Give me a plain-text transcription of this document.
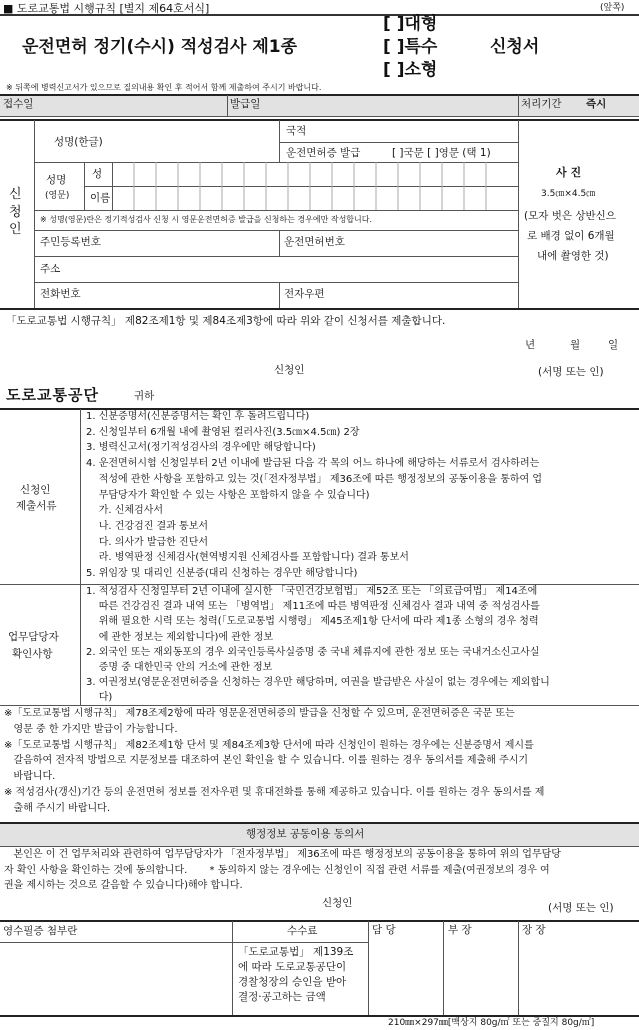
■ 도로교통법 시행규칙 [별지 제64호서식]	(앞쪽)
운전면허 정기(수시) 적성검사 제1종
[ ]대형
[ ]특수
[ ]소형
신청서
※ 뒤쪽에 병력신고서가 있으므로 질의내용 확인 후 적어서 함께 제출하여 주시기 바랍니다.
접수일	발급일	처리기간 즉시
신
청
인
성명(한글)
국적
운전면허증 발급	[ ]국문 [ ]영문 (택 1)
성명
(영문)
성
이름
※ 성명(영문)란은 정기적성검사 신청 시 영문운전면허증 발급을 신청하는 경우에만 작성합니다.
주민등록번호	운전면허번호
주소
전화번호	전자우편
사 진
3.5㎝×4.5㎝
(모자 벗은 상반신으
로 배경 없이 6개월
내에 촬영한 것)
「도로교통법 시행규칙」 제82조제1항 및 제84조제3항에 따라 위와 같이 신청서를 제출합니다.
년	월	일
신청인	(서명 또는 인)
도로교통공단	귀하
신청인
제출서류
1. 신분증명서(신분증명서는 확인 후 돌려드립니다)
2. 신청일부터 6개월 내에 촬영된 컬러사진(3.5㎝×4.5㎝) 2장
3. 병력신고서(정기적성검사의 경우에만 해당합니다)
4. 운전면허시험 신청일부터 2년 이내에 발급된 다음 각 목의 어느 하나에 해당하는 서류로서 검사하려는
적성에 관한 사항을 포함하고 있는 것(「전자정부법」 제36조에 따른 행정정보의 공동이용을 통하여 업
무담당자가 확인할 수 있는 사항은 포함하지 않을 수 있습니다)
가. 신체검사서
나. 건강검진 결과 통보서
다. 의사가 발급한 진단서
라. 병역판정 신체검사(현역병지원 신체검사를 포함합니다) 결과 통보서
5. 위임장 및 대리인 신분증(대리 신청하는 경우만 해당합니다)
업무담당자
확인사항
1. 적성검사 신청일부터 2년 이내에 실시한 「국민건강보험법」 제52조 또는 「의료급여법」 제14조에
따른 건강검진 결과 내역 또는 「병역법」 제11조에 따른 병역판정 신체검사 결과 내역 중 적성검사를
위해 필요한 시력 또는 청력(「도로교통법 시행령」 제45조제1항 단서에 따라 제1종 소형의 경우 청력
에 관한 정보는 제외합니다)에 관한 정보
2. 외국인 또는 재외동포의 경우 외국인등록사실증명 중 국내 체류지에 관한 정보 또는 국내거소신고사실
증명 중 대한민국 안의 거소에 관한 정보
3. 여권정보(영문운전면허증을 신청하는 경우만 해당하며, 여권을 발급받은 사실이 없는 경우에는 제외합니
다)
※「도로교통법 시행규칙」 제78조제2항에 따라 영문운전면허증의 발급을 신청할 수 있으며, 운전면허증은 국문 또는
영문 중 한 가지만 발급이 가능합니다.
※「도로교통법 시행규칙」 제82조제1항 단서 및 제84조제3항 단서에 따라 신청인이 원하는 경우에는 신분증명서 제시를
갈음하여 전자적 방법으로 지문정보를 대조하여 본인 확인을 할 수 있습니다. 이를 원하는 경우 동의서를 제출해 주시기
바랍니다.
※ 적성검사(갱신)기간 등의 운전면허 정보를 전자우편 및 휴대전화를 통해 제공하고 있습니다. 이를 원하는 경우 동의서를 제
출해 주시기 바랍니다.
행정정보 공동이용 동의서
본인은 이 건 업무처리와 관련하여 업무담당자가 「전자정부법」 제36조에 따른 행정정보의 공동이용을 통하여 위의 업무담당
자 확인 사항을 확인하는 것에 동의합니다.       * 동의하지 않는 경우에는 신청인이 직접 관련 서류를 제출(여권정보의 경우 여
권을 제시하는 것으로 갈음할 수 있습니다)해야 합니다.
신청인	(서명 또는 인)
영수필증 첨부란	수수료
「도로교통법」 제139조
에 따라 도로교통공단이
경찰청장의 승인을 받아
결정·공고하는 금액
담 당	부 장	장 장
210㎜×297㎜[백상지 80g/㎡ 또는 중질지 80g/㎡]
